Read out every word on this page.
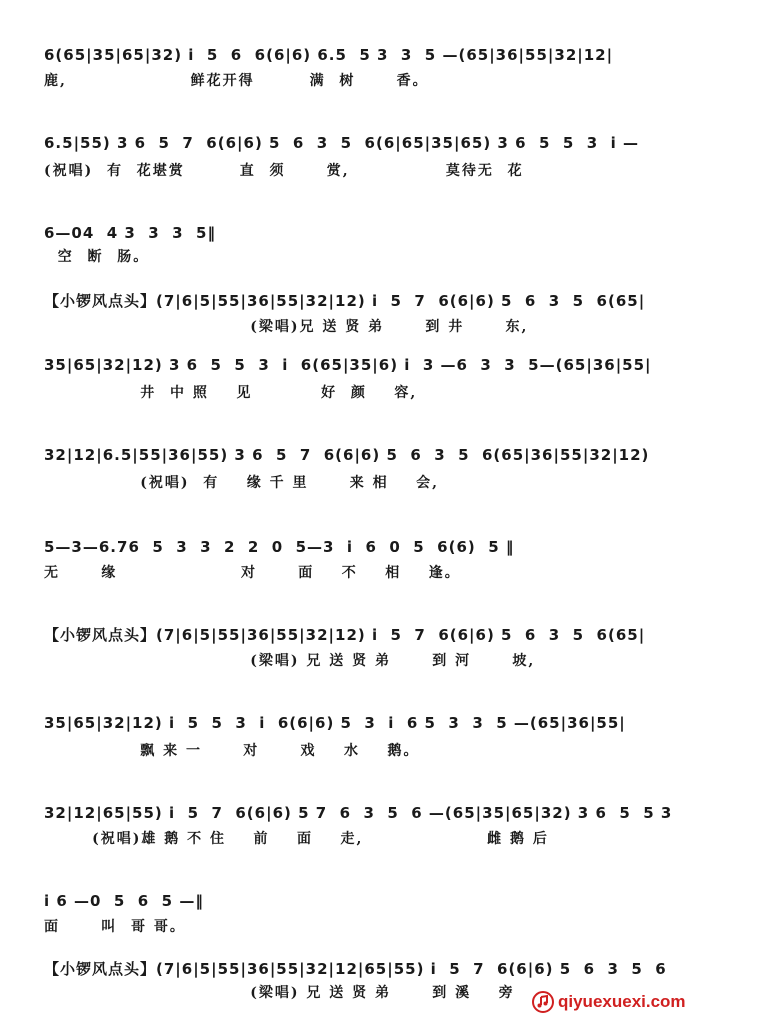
6(65|35|65|32) i  5  6  6(6|6) 6.5  5 3  3  5 —(65|36|55|32|12|
鹿,                  鲜花开得        满  树      香。
6.5|55) 3 6  5  7  6(6|6) 5  6  3  5  6(6|65|35|65) 3 6  5  5  3  i —
(祝唱)  有  花堪赏        直  须      赏,              莫待无  花
6—04  4 3  3  3  5‖
空  断  肠。
【小锣风点头】(7|6|5|55|36|55|32|12) i  5  7  6(6|6) 5  6  3  5  6(65|
(梁唱)兄 送 贤 弟      到 井      东,
35|65|32|12) 3 6  5  5  3  i  6(65|35|6) i  3 —6  3  3  5—(65|36|55|
井  中 照    见          好  颜    容,
32|12|6.5|55|36|55) 3 6  5  7  6(6|6) 5  6  3  5  6(65|36|55|32|12)
(祝唱)  有    缘 千 里      来 相    会,
5—3—6.76  5  3  3  2  2  0  5—3  i  6  0  5  6(6)  5 ‖
无      缘                  对      面    不    相    逢。
【小锣风点头】(7|6|5|55|36|55|32|12) i  5  7  6(6|6) 5  6  3  5  6(65|
(梁唱) 兄 送 贤 弟      到 河      坡,
35|65|32|12) i  5  5  3  i  6(6|6) 5  3  i  6 5  3  3  5 —(65|36|55|
飘 来 一      对      戏    水    鹅。
32|12|65|55) i  5  7  6(6|6) 5 7  6  3  5  6 —(65|35|65|32) 3 6  5  5 3
(祝唱)雄 鹅 不 住    前    面    走,                  雌 鹅 后
i 6 —0  5  6  5 —‖
面      叫  哥 哥。
【小锣风点头】(7|6|5|55|36|55|32|12|65|55) i  5  7  6(6|6) 5  6  3  5  6
(梁唱) 兄 送 贤 弟      到 溪    旁	qiyuexuexi.com
